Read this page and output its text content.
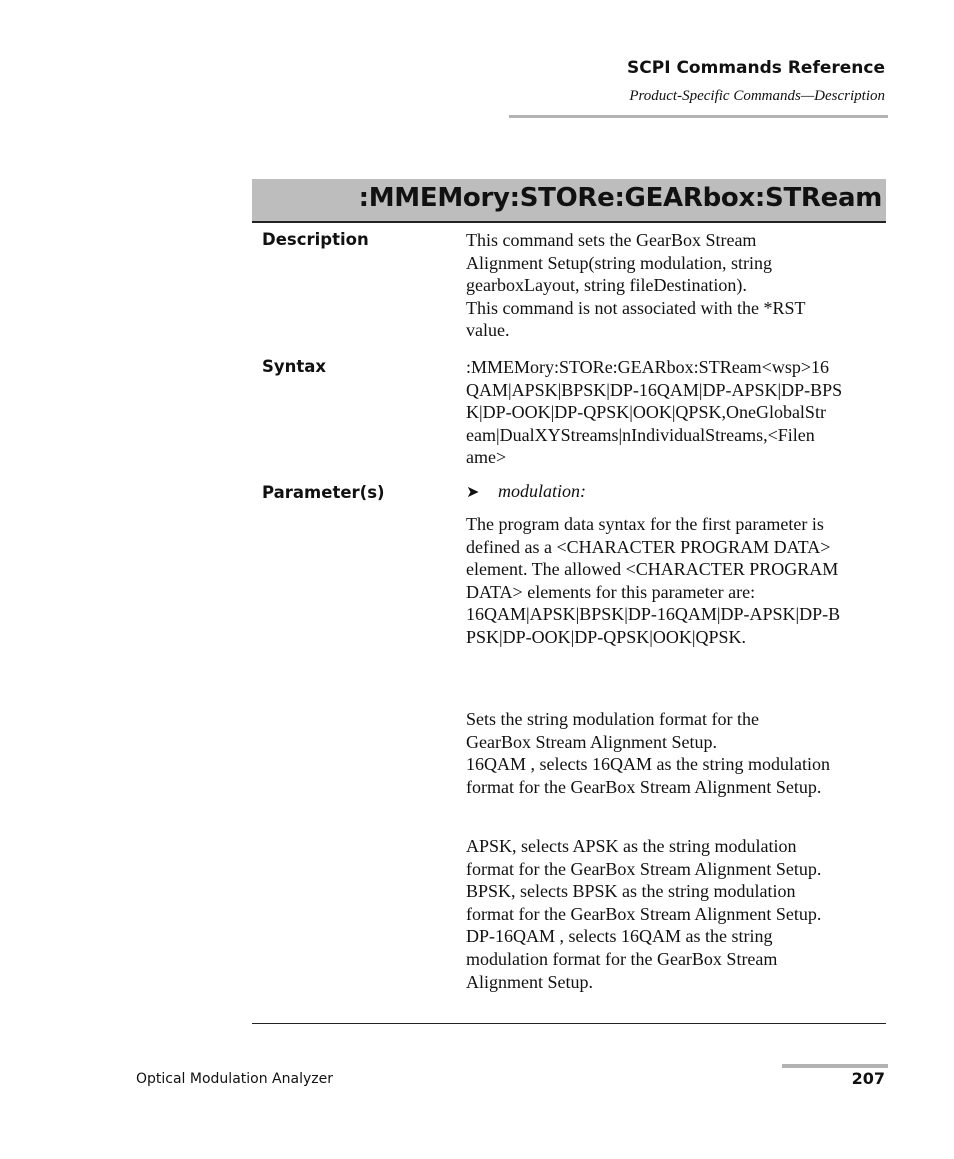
SCPI Commands Reference
Product-Specific Commands—Description
:MMEMory:STORe:GEARbox:STReam
Description	This command sets the GearBox Stream
Alignment Setup(string modulation, string
gearboxLayout, string fileDestination).
This command is not associated with the *RST
value.
Syntax	:MMEMory:STORe:GEARbox:STReam<wsp>16
QAM|APSK|BPSK|DP-16QAM|DP-APSK|DP-BPS
K|DP-OOK|DP-QPSK|OOK|QPSK,OneGlobalStr
eam|DualXYStreams|nIndividualStreams,<Filen
ame>
Parameter(s)	➤ modulation:
The program data syntax for the first parameter is
defined as a <CHARACTER PROGRAM DATA>
element. The allowed <CHARACTER PROGRAM
DATA> elements for this parameter are:
16QAM|APSK|BPSK|DP-16QAM|DP-APSK|DP-B
PSK|DP-OOK|DP-QPSK|OOK|QPSK.
Sets the string modulation format for the
GearBox Stream Alignment Setup.
16QAM , selects 16QAM as the string modulation
format for the GearBox Stream Alignment Setup.
APSK, selects APSK as the string modulation
format for the GearBox Stream Alignment Setup.
BPSK, selects BPSK as the string modulation
format for the GearBox Stream Alignment Setup.
DP-16QAM , selects 16QAM as the string
modulation format for the GearBox Stream
Alignment Setup.
Optical Modulation Analyzer	207
